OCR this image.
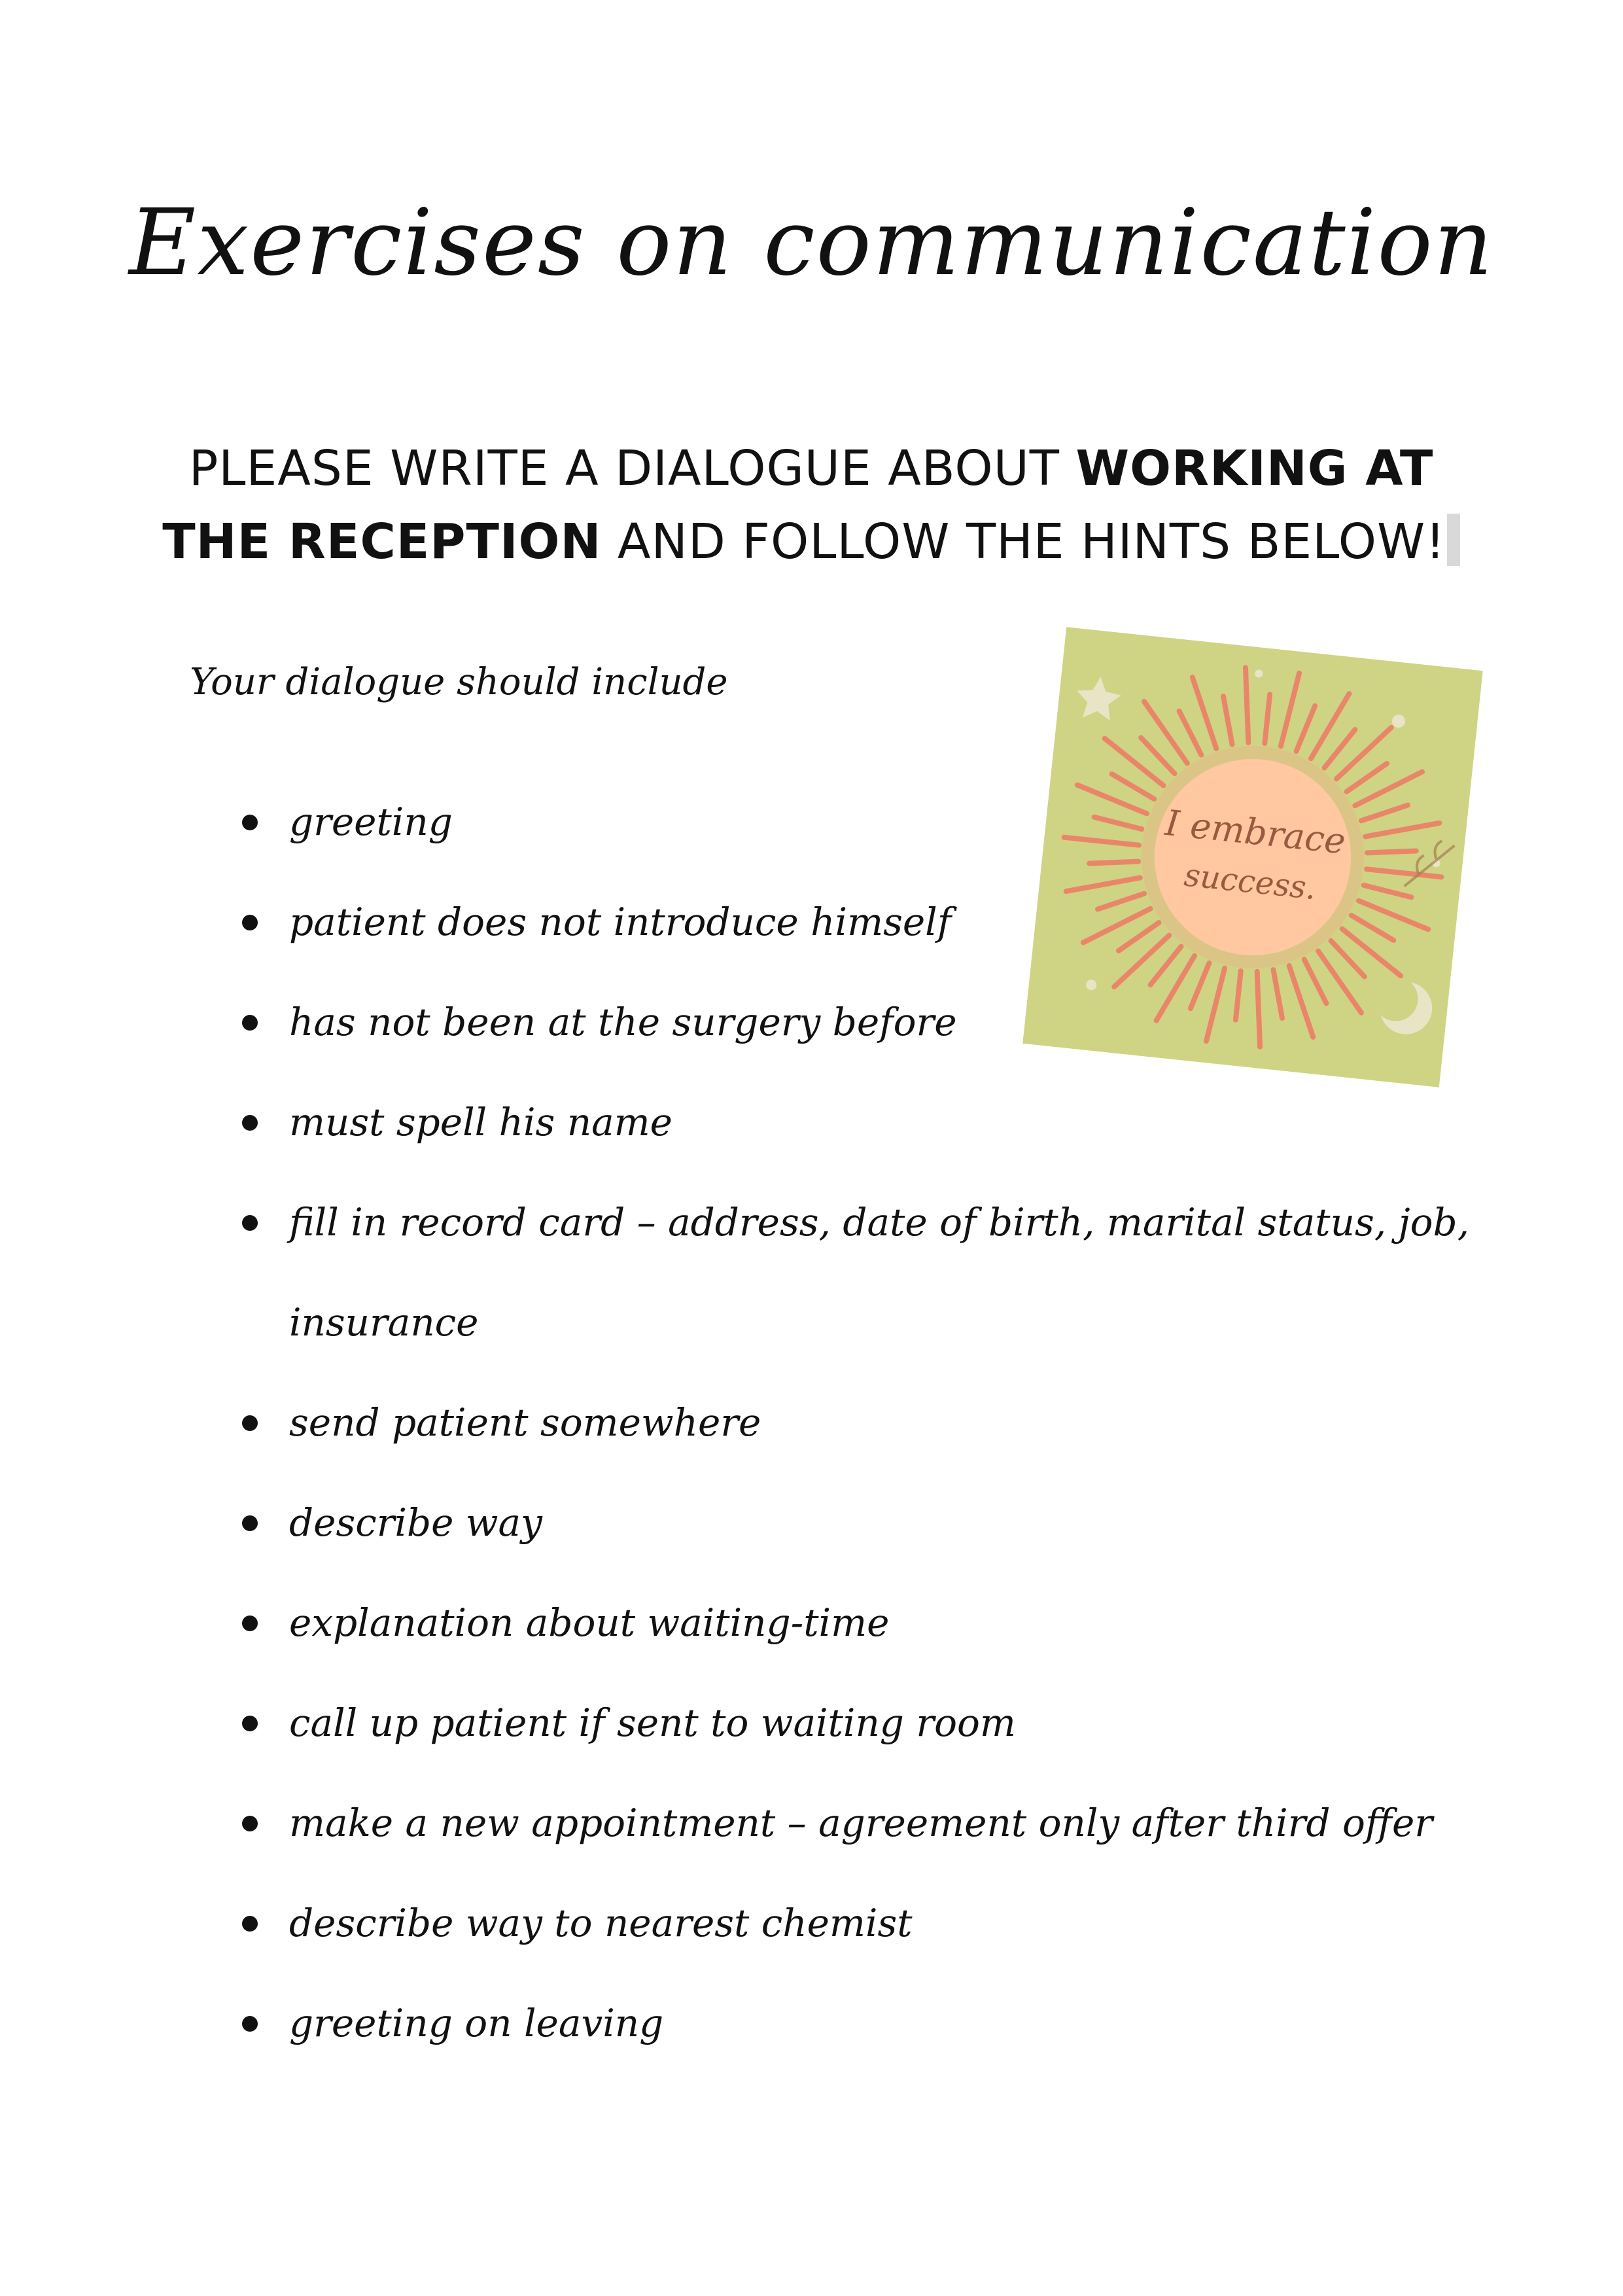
Exercises on communication
PLEASE WRITE A DIALOGUE ABOUT WORKING AT THE RECEPTION AND FOLLOW THE HINTS BELOW!

Your dialogue should include

greeting
patient does not introduce himself
has not been at the surgery before
must spell his name
fill in record card – address, date of birth, marital status, job,
insurance
send patient somewhere
describe way
explanation about waiting-time
call up patient if sent to waiting room
make a new appointment – agreement only after third offer
describe way to nearest chemist
greeting on leaving
I embrace
success.
